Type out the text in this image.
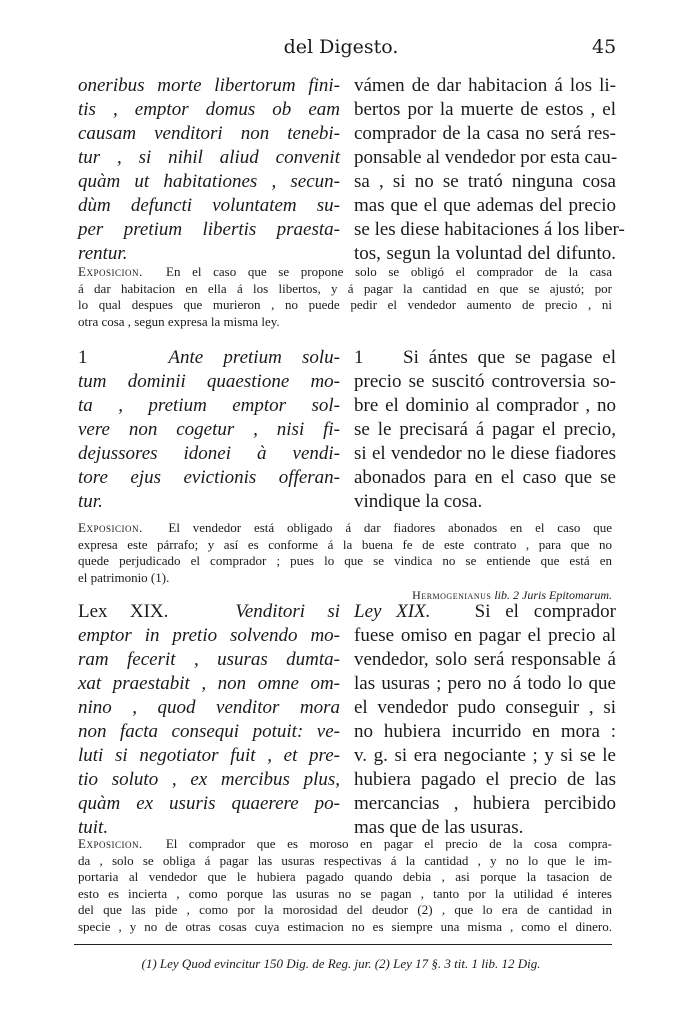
del Digesto.	45
oneribus morte libertorum fini-
tis , emptor domus ob eam
causam venditori non tenebi-
tur , si nihil aliud convenit
quàm ut habitationes , secun-
dùm defuncti voluntatem su-
per pretium libertis praesta-
rentur.
vámen de dar habitacion á los li-
bertos por la muerte de estos , el
comprador de la casa no será res-
ponsable al vendedor por esta cau-
sa , si no se trató ninguna cosa
mas que el que ademas del precio
se les diese habitaciones á los liber-
tos, segun la voluntad del difunto.
Exposicion. En el caso que se propone solo se obligó el comprador de la casa
á dar habitacion en ella á los libertos, y á pagar la cantidad en que se ajustó; por
lo qual despues que murieron , no puede pedir el vendedor aumento de precio , ni
otra cosa , segun expresa la misma ley.
1	Ante pretium solu-
tum dominii quaestione mo-
ta , pretium emptor sol-
vere non cogetur , nisi fi-
dejussores idonei à vendi-
tore ejus evictionis offeran-
tur.
1 Si ántes que se pagase el
precio se suscitó controversia so-
bre el dominio al comprador , no
se le precisará á pagar el precio,
si el vendedor no le diese fiadores
abonados para en el caso que se
vindique la cosa.
Exposicion. El vendedor está obligado á dar fiadores abonados en el caso que
expresa este párrafo; y así es conforme á la buena fe de este contrato , para que no
quede perjudicado el comprador ; pues lo que se vindica no se entiende que está en
el patrimonio (1).
Hermogenianus lib. 2 Juris Epitomarum.
Lex XIX.	Venditori si
emptor in pretio solvendo mo-
ram fecerit , usuras dumta-
xat praestabit , non omne om-
nino , quod venditor mora
non facta consequi potuit: ve-
luti si negotiator fuit , et pre-
tio soluto , ex mercibus plus,
quàm ex usuris quaerere po-
tuit.
Ley XIX. Si el comprador
fuese omiso en pagar el precio al
vendedor, solo será responsable á
las usuras ; pero no á todo lo que
el vendedor pudo conseguir , si
no hubiera incurrido en mora :
v. g. si era negociante ; y si se le
hubiera pagado el precio de las
mercancias , hubiera percibido
mas que de las usuras.
Exposicion. El comprador que es moroso en pagar el precio de la cosa compra-
da , solo se obliga á pagar las usuras respectivas á la cantidad , y no lo que le im-
portaria al vendedor que le hubiera pagado quando debia , asi porque la tasacion de
esto es incierta , como porque las usuras no se pagan , tanto por la utilidad é interes
del que las pide , como por la morosidad del deudor (2) , que lo era de cantidad in
specie , y no de otras cosas cuya estimacion no es siempre una misma , como el dinero.
(1) Ley Quod evincitur 150 Dig. de Reg. jur. (2) Ley 17 §. 3 tit. 1 lib. 12 Dig.
